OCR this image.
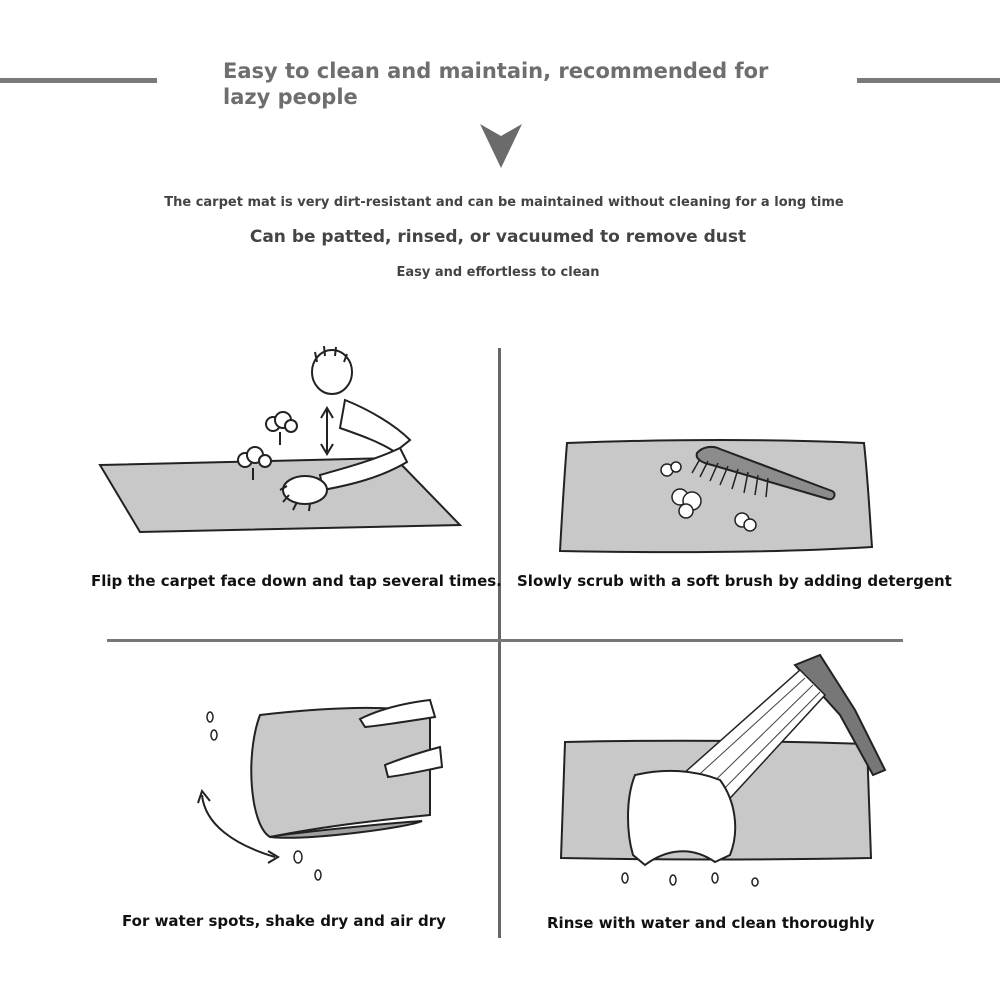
Easy to clean and maintain, recommended for lazy people
The carpet mat is very dirt-resistant and can be maintained without cleaning for a long time
Can be patted, rinsed, or vacuumed to remove dust
Easy and effortless to clean
Flip the carpet face down and tap several times. Slowly scrub with a soft brush by adding detergent
For water spots, shake dry and air dry	Rinse with water and clean thoroughly
